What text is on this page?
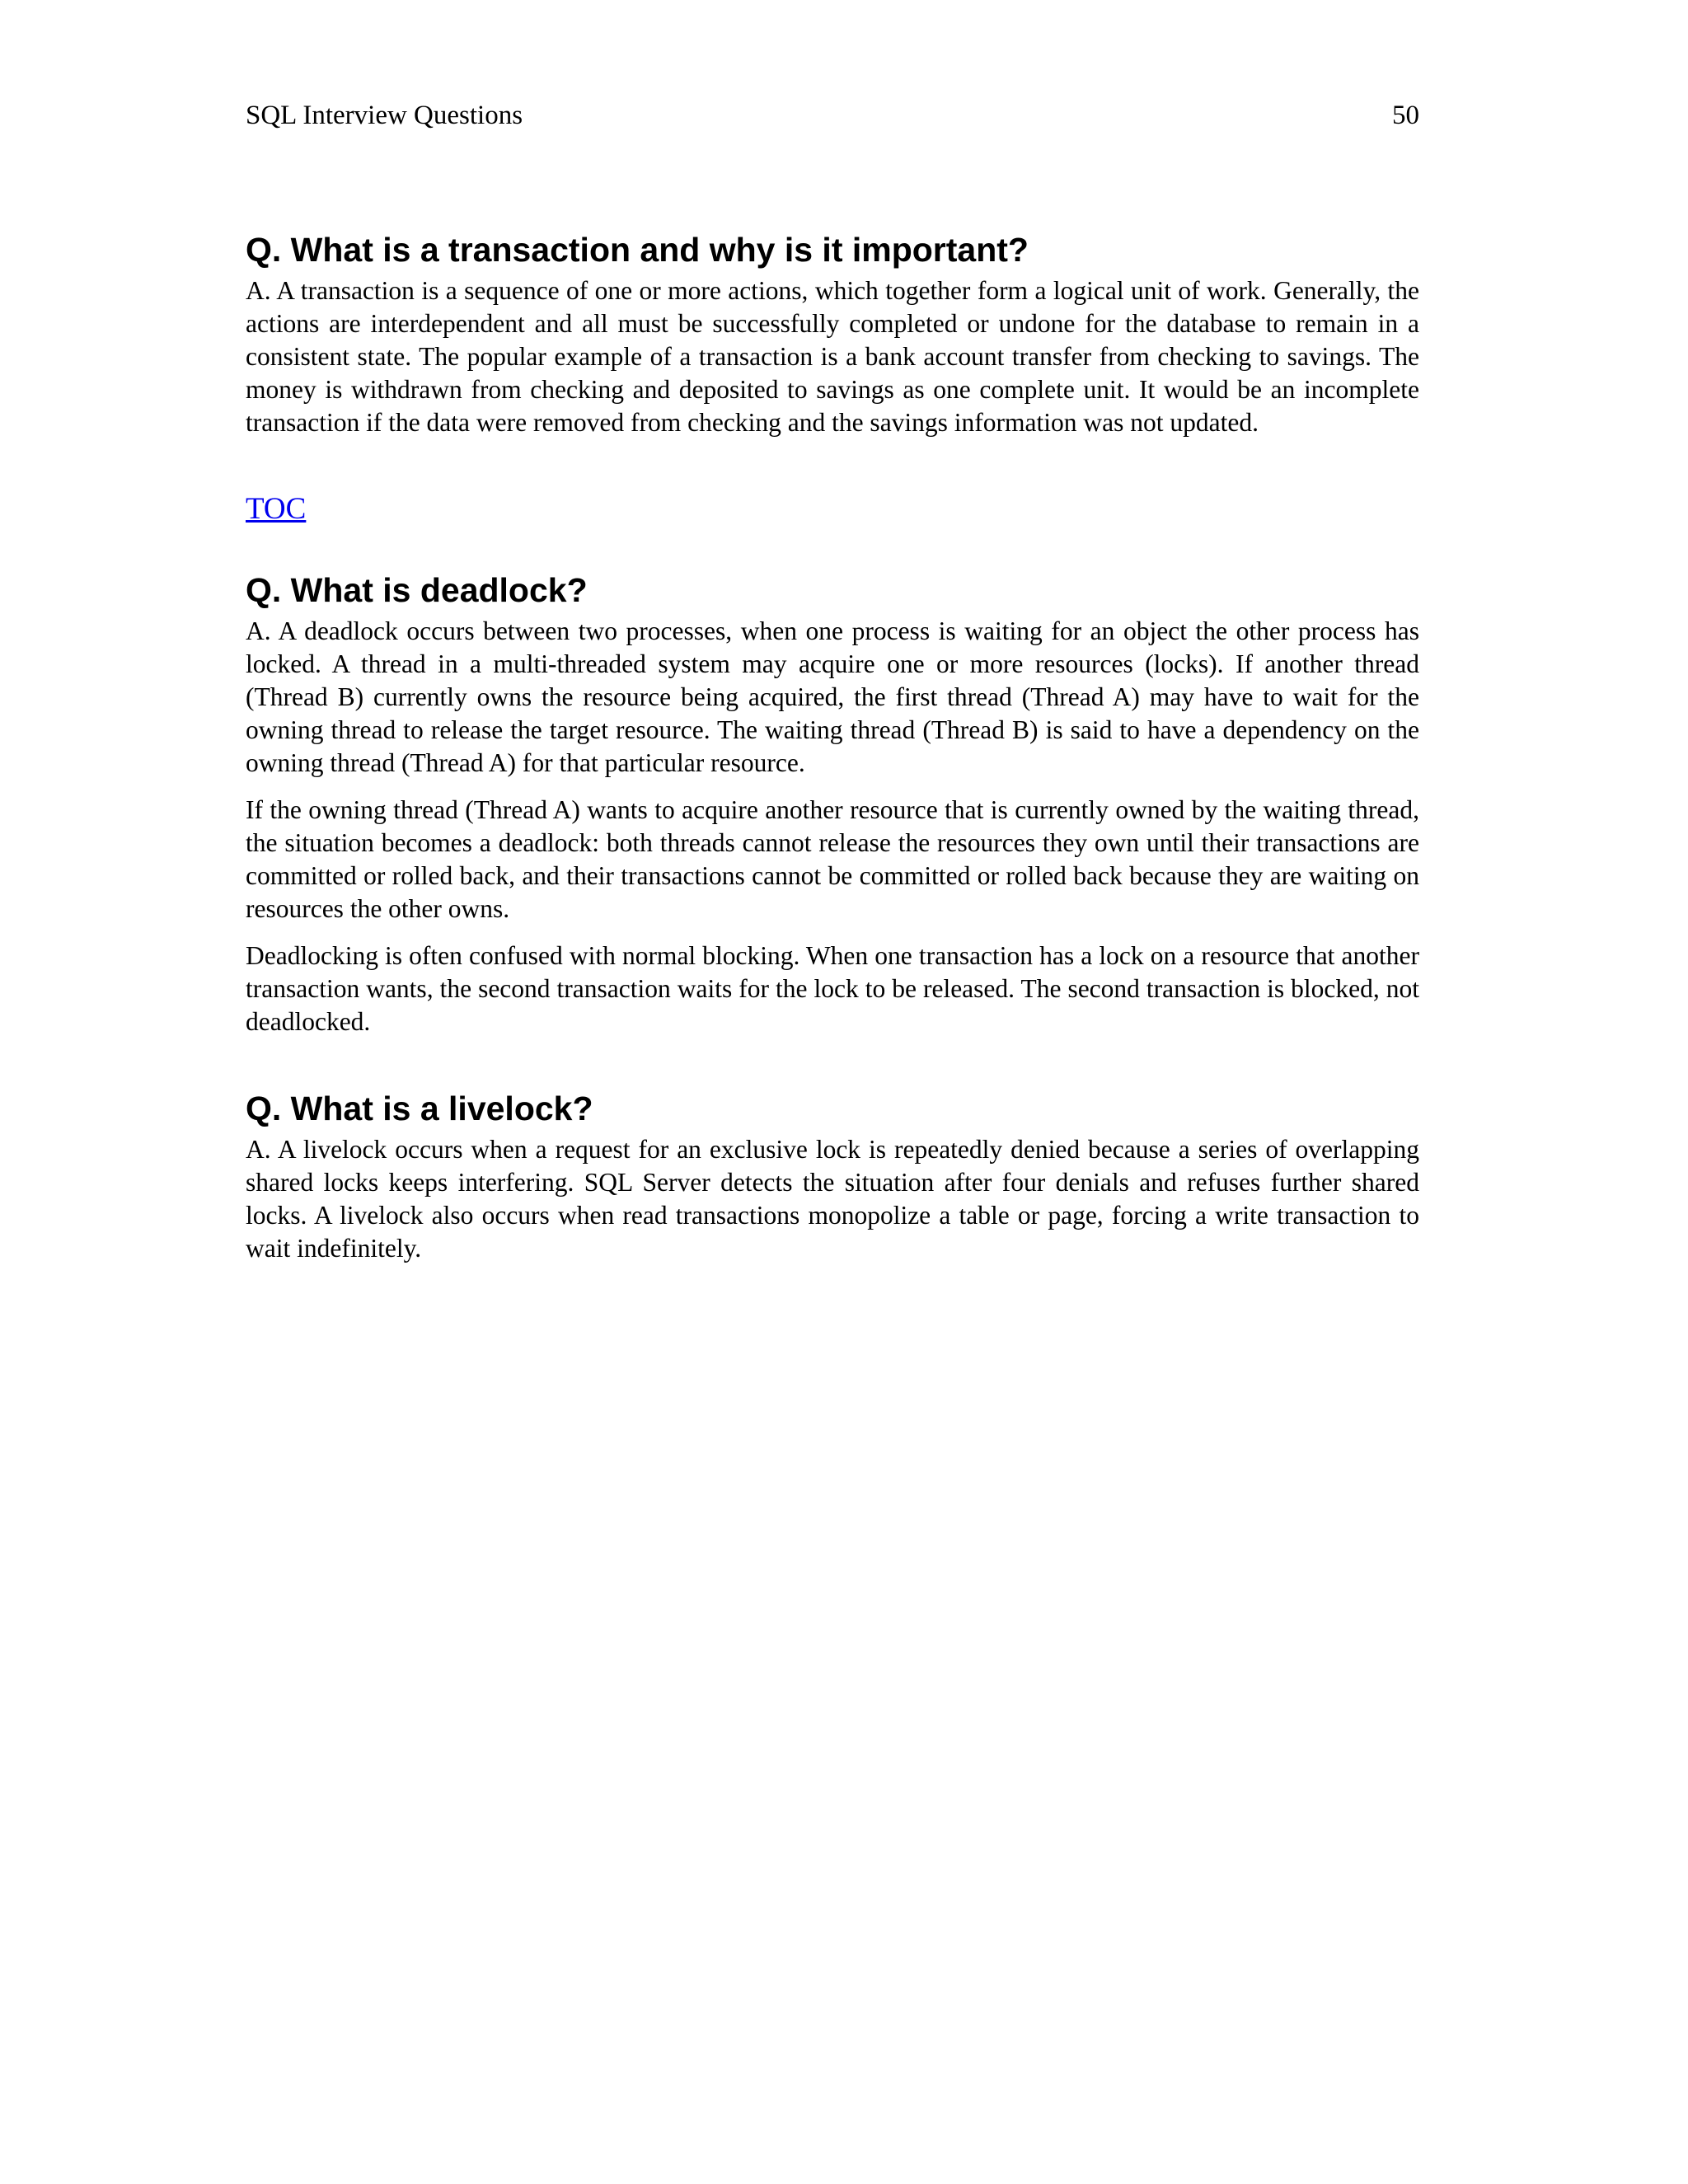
SQL Interview Questions	50
Q. What is a transaction and why is it important?

A. A transaction is a sequence of one or more actions, which together form a logical unit of work. Generally, the actions are interdependent and all must be successfully completed or undone for the database to remain in a consistent state. The popular example of a transaction is a bank account transfer from checking to savings. The money is withdrawn from checking and deposited to savings as one complete unit. It would be an incomplete transaction if the data were removed from checking and the savings information was not updated.

TOC
Q. What is deadlock?

A. A deadlock occurs between two processes, when one process is waiting for an object the other process has locked. A thread in a multi-threaded system may acquire one or more resources (locks). If another thread (Thread B) currently owns the resource being acquired, the first thread (Thread A) may have to wait for the owning thread to release the target resource. The waiting thread (Thread B) is said to have a dependency on the owning thread (Thread A) for that particular resource.

If the owning thread (Thread A) wants to acquire another resource that is currently owned by the waiting thread, the situation becomes a deadlock: both threads cannot release the resources they own until their transactions are committed or rolled back, and their transactions cannot be committed or rolled back because they are waiting on resources the other owns.

Deadlocking is often confused with normal blocking. When one transaction has a lock on a resource that another transaction wants, the second transaction waits for the lock to be released. The second transaction is blocked, not deadlocked.

Q. What is a livelock?

A. A livelock occurs when a request for an exclusive lock is repeatedly denied because a series of overlapping shared locks keeps interfering. SQL Server detects the situation after four denials and refuses further shared locks. A livelock also occurs when read transactions monopolize a table or page, forcing a write transaction to wait indefinitely.
